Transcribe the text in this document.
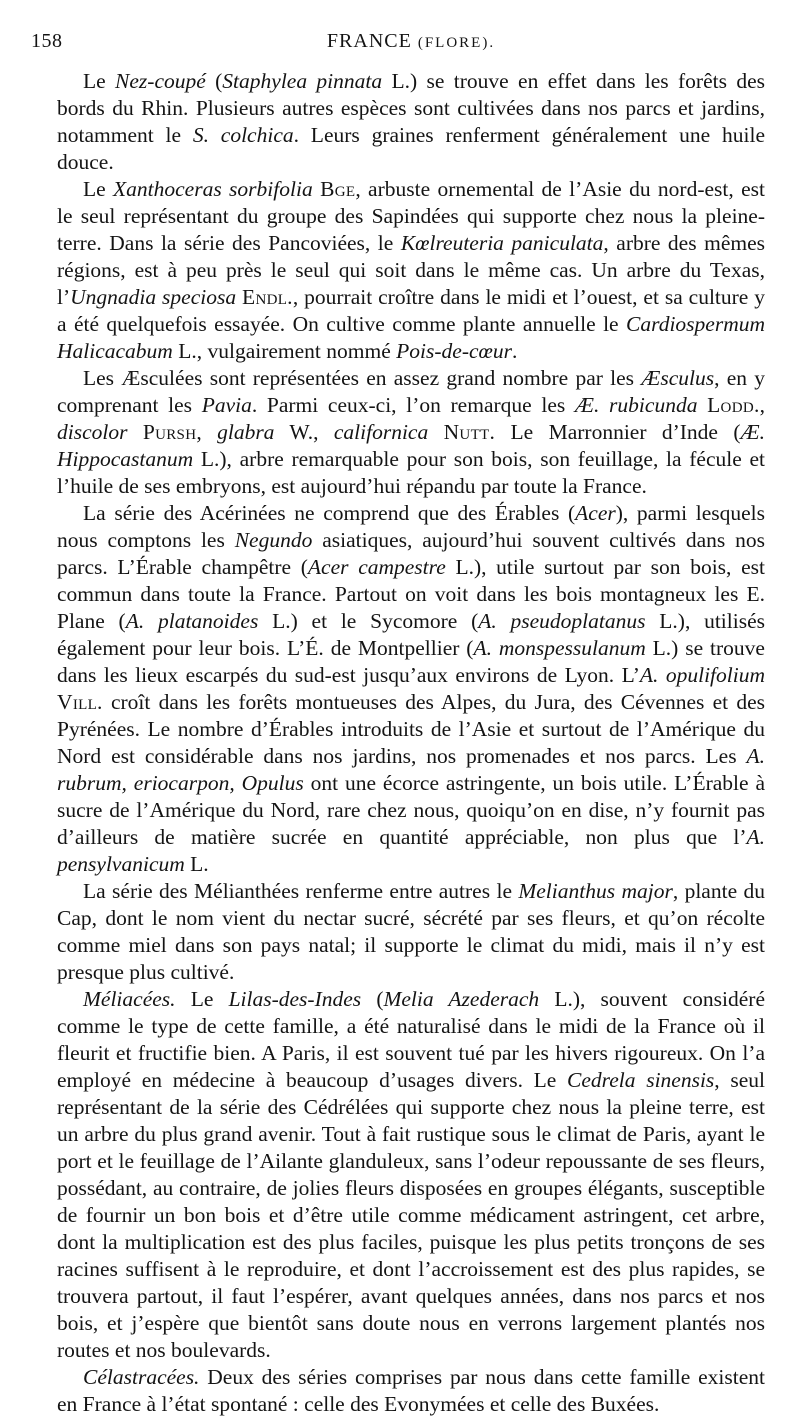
158	FRANCE (FLORE).

Le Nez-coupé (Staphylea pinnata L.) se trouve en effet dans les forêts des bords du Rhin. Plusieurs autres espèces sont cultivées dans nos parcs et jardins, notamment le S. colchica. Leurs graines renferment généralement une huile douce.

Le Xanthoceras sorbifolia Bge, arbuste ornemental de l’Asie du nord-est, est le seul représentant du groupe des Sapindées qui supporte chez nous la pleine-terre. Dans la série des Pancoviées, le Kœlreuteria paniculata, arbre des mêmes régions, est à peu près le seul qui soit dans le même cas. Un arbre du Texas, l’Ungnadia speciosa Endl., pourrait croître dans le midi et l’ouest, et sa culture y a été quelquefois essayée. On cultive comme plante annuelle le Cardiospermum Halicacabum L., vulgairement nommé Pois-de-cœur.

Les Æsculées sont représentées en assez grand nombre par les Æsculus, en y comprenant les Pavia. Parmi ceux-ci, l’on remarque les Æ. rubicunda Lodd., discolor Pursh, glabra W., californica Nutt. Le Marronnier d’Inde (Æ. Hippocastanum L.), arbre remarquable pour son bois, son feuillage, la fécule et l’huile de ses embryons, est aujourd’hui répandu par toute la France.

La série des Acérinées ne comprend que des Érables (Acer), parmi lesquels nous comptons les Negundo asiatiques, aujourd’hui souvent cultivés dans nos parcs. L’Érable champêtre (Acer campestre L.), utile surtout par son bois, est commun dans toute la France. Partout on voit dans les bois montagneux les E. Plane (A. platanoides L.) et le Sycomore (A. pseudoplatanus L.), utilisés également pour leur bois. L’É. de Montpellier (A. monspessulanum L.) se trouve dans les lieux escarpés du sud-est jusqu’aux environs de Lyon. L’A. opulifolium Vill. croît dans les forêts montueuses des Alpes, du Jura, des Cévennes et des Pyrénées. Le nombre d’Érables introduits de l’Asie et surtout de l’Amérique du Nord est considérable dans nos jardins, nos promenades et nos parcs. Les A. rubrum, eriocarpon, Opulus ont une écorce astringente, un bois utile. L’Érable à sucre de l’Amérique du Nord, rare chez nous, quoiqu’on en dise, n’y fournit pas d’ailleurs de matière sucrée en quantité appréciable, non plus que l’A. pensylvanicum L.

La série des Mélianthées renferme entre autres le Melianthus major, plante du Cap, dont le nom vient du nectar sucré, sécrété par ses fleurs, et qu’on récolte comme miel dans son pays natal; il supporte le climat du midi, mais il n’y est presque plus cultivé.

Méliacées. Le Lilas-des-Indes (Melia Azederach L.), souvent considéré comme le type de cette famille, a été naturalisé dans le midi de la France où il fleurit et fructifie bien. A Paris, il est souvent tué par les hivers rigoureux. On l’a employé en médecine à beaucoup d’usages divers. Le Cedrela sinensis, seul représentant de la série des Cédrélées qui supporte chez nous la pleine terre, est un arbre du plus grand avenir. Tout à fait rustique sous le climat de Paris, ayant le port et le feuillage de l’Ailante glanduleux, sans l’odeur repoussante de ses fleurs, possédant, au contraire, de jolies fleurs disposées en groupes élégants, susceptible de fournir un bon bois et d’être utile comme médicament astringent, cet arbre, dont la multiplication est des plus faciles, puisque les plus petits tronçons de ses racines suffisent à le reproduire, et dont l’accroissement est des plus rapides, se trouvera partout, il faut l’espérer, avant quelques années, dans nos parcs et nos bois, et j’espère que bientôt sans doute nous en verrons largement plantés nos routes et nos boulevards.

Célastracées. Deux des séries comprises par nous dans cette famille existent en France à l’état spontané : celle des Evonymées et celle des Buxées.
